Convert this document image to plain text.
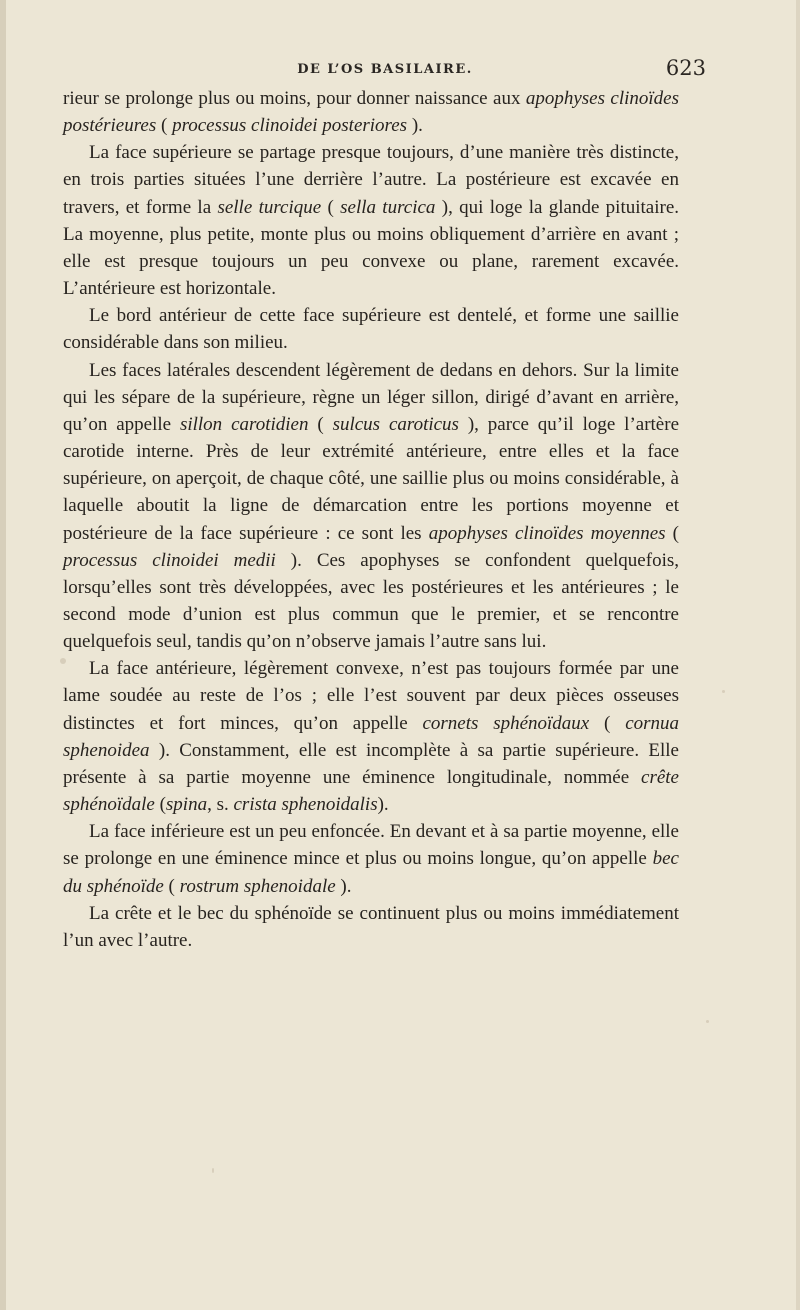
DE L’OS BASILAIRE.	623

rieur se prolonge plus ou moins, pour donner naissance aux apophyses clinoïdes postérieures ( processus clinoidei posteriores ).

La face supérieure se partage presque toujours, d’une manière très distincte, en trois parties situées l’une derrière l’autre. La postérieure est excavée en travers, et forme la selle turcique ( sella turcica ), qui loge la glande pituitaire. La moyenne, plus petite, monte plus ou moins obliquement d’arrière en avant ; elle est presque toujours un peu convexe ou plane, rarement excavée. L’antérieure est horizontale.

Le bord antérieur de cette face supérieure est dentelé, et forme une saillie considérable dans son milieu.

Les faces latérales descendent légèrement de dedans en dehors. Sur la limite qui les sépare de la supérieure, règne un léger sillon, dirigé d’avant en arrière, qu’on appelle sillon carotidien ( sulcus caroticus ), parce qu’il loge l’artère carotide interne. Près de leur extrémité antérieure, entre elles et la face supérieure, on aperçoit, de chaque côté, une saillie plus ou moins considérable, à laquelle aboutit la ligne de démarcation entre les portions moyenne et postérieure de la face supérieure : ce sont les apophyses clinoïdes moyennes ( processus clinoidei medii ). Ces apophyses se confondent quelquefois, lorsqu’elles sont très développées, avec les postérieures et les antérieures ; le second mode d’union est plus commun que le premier, et se rencontre quelquefois seul, tandis qu’on n’observe jamais l’autre sans lui.

La face antérieure, légèrement convexe, n’est pas toujours formée par une lame soudée au reste de l’os ; elle l’est souvent par deux pièces osseuses distinctes et fort minces, qu’on appelle cornets sphénoïdaux ( cornua sphenoidea ). Constamment, elle est incomplète à sa partie supérieure. Elle présente à sa partie moyenne une éminence longitudinale, nommée crête sphénoïdale (spina, s. crista sphenoidalis).

La face inférieure est un peu enfoncée. En devant et à sa partie moyenne, elle se prolonge en une éminence mince et plus ou moins longue, qu’on appelle bec du sphénoïde ( rostrum sphenoidale ).

La crête et le bec du sphénoïde se continuent plus ou moins immédiatement l’un avec l’autre.
